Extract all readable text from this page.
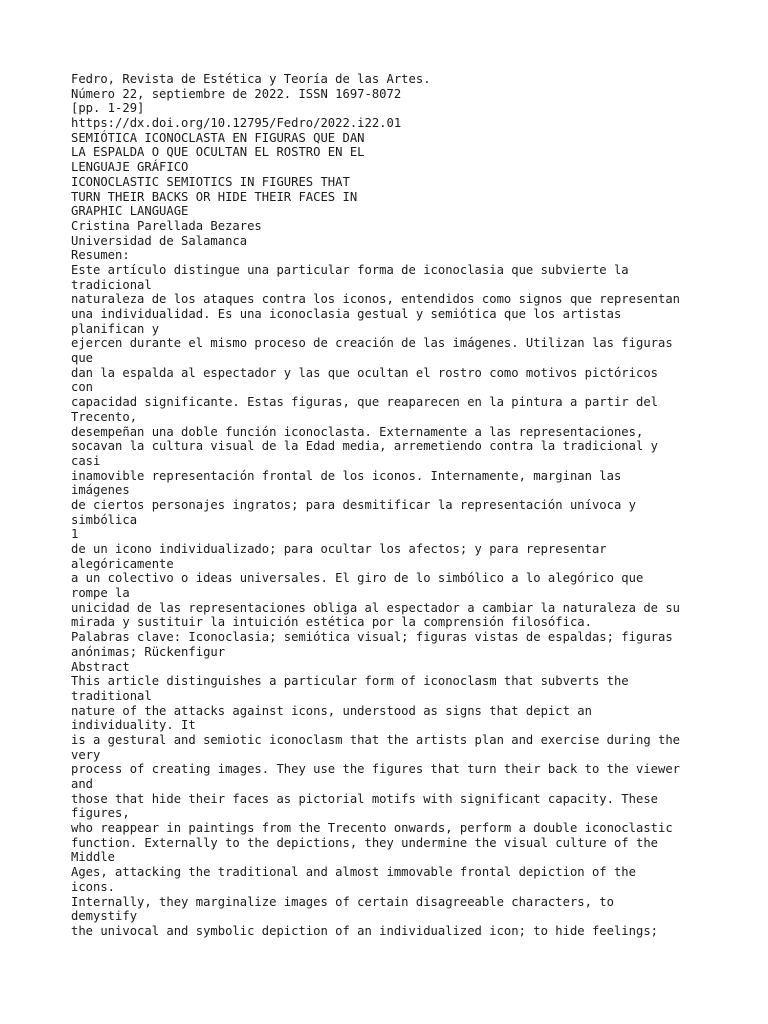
Fedro, Revista de Estética y Teoría de las Artes.
Número 22, septiembre de 2022. ISSN 1697-8072
[pp. 1-29]
https://dx.doi.org/10.12795/Fedro/2022.i22.01
SEMIÓTICA ICONOCLASTA EN FIGURAS QUE DAN
LA ESPALDA O QUE OCULTAN EL ROSTRO EN EL
LENGUAJE GRÁFICO
ICONOCLASTIC SEMIOTICS IN FIGURES THAT
TURN THEIR BACKS OR HIDE THEIR FACES IN
GRAPHIC LANGUAGE
Cristina Parellada Bezares
Universidad de Salamanca
Resumen:
Este artículo distingue una particular forma de iconoclasia que subvierte la
tradicional
naturaleza de los ataques contra los iconos, entendidos como signos que representan
una individualidad. Es una iconoclasia gestual y semiótica que los artistas
planifican y
ejercen durante el mismo proceso de creación de las imágenes. Utilizan las figuras
que
dan la espalda al espectador y las que ocultan el rostro como motivos pictóricos
con
capacidad significante. Estas figuras, que reaparecen en la pintura a partir del
Trecento,
desempeñan una doble función iconoclasta. Externamente a las representaciones,
socavan la cultura visual de la Edad media, arremetiendo contra la tradicional y
casi
inamovible representación frontal de los iconos. Internamente, marginan las
imágenes
de ciertos personajes ingratos; para desmitificar la representación unívoca y
simbólica
1
de un icono individualizado; para ocultar los afectos; y para representar
alegóricamente
a un colectivo o ideas universales. El giro de lo simbólico a lo alegórico que
rompe la
unicidad de las representaciones obliga al espectador a cambiar la naturaleza de su
mirada y sustituir la intuición estética por la comprensión filosófica.
Palabras clave: Iconoclasia; semiótica visual; figuras vistas de espaldas; figuras
anónimas; Rückenfigur
Abstract
This article distinguishes a particular form of iconoclasm that subverts the
traditional
nature of the attacks against icons, understood as signs that depict an
individuality. It
is a gestural and semiotic iconoclasm that the artists plan and exercise during the
very
process of creating images. They use the figures that turn their back to the viewer
and
those that hide their faces as pictorial motifs with significant capacity. These
figures,
who reappear in paintings from the Trecento onwards, perform a double iconoclastic
function. Externally to the depictions, they undermine the visual culture of the
Middle
Ages, attacking the traditional and almost immovable frontal depiction of the
icons.
Internally, they marginalize images of certain disagreeable characters, to
demystify
the univocal and symbolic depiction of an individualized icon; to hide feelings;
